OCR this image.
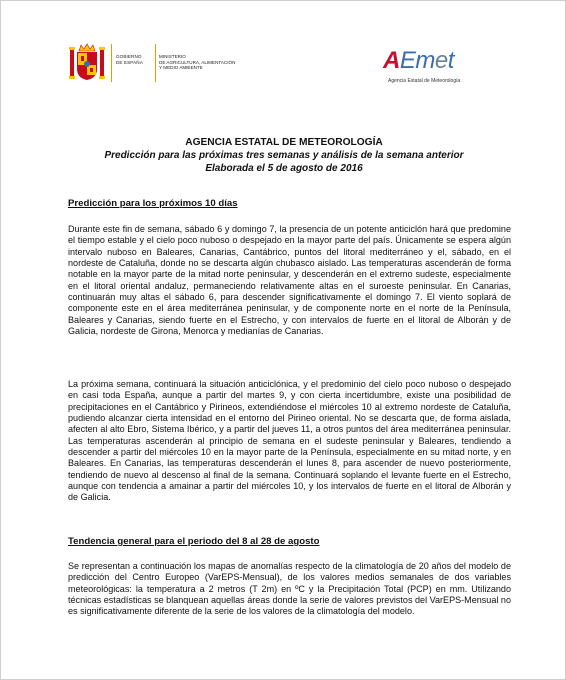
GOBIERNO
DE ESPAÑA
MINISTERIO
DE AGRICULTURA, ALIMENTACIÓN
Y MEDIO AMBIENTE	AEmet
Agencia Estatal de Meteorología
AGENCIA ESTATAL DE METEOROLOGÍA
Predicción para las próximas tres semanas y análisis de la semana anterior
Elaborada el 5 de agosto de 2016
Predicción para los próximos 10 días

Durante este fin de semana, sábado 6 y domingo 7, la presencia de un potente anticiclón hará que predomine el tiempo estable y el cielo poco nuboso o despejado en la mayor parte del país. Únicamente se espera algún intervalo nuboso en Baleares, Canarias, Cantábrico, puntos del litoral mediterráneo y el, sábado, en el nordeste de Cataluña, donde no se descarta algún chubasco aislado. Las temperaturas ascenderán de forma notable en la mayor parte de la mitad norte peninsular, y descenderán en el extremo sudeste, especialmente en el litoral oriental andaluz, permaneciendo relativamente altas en el suroeste peninsular. En Canarias, continuarán muy altas el sábado 6, para descender significativamente el domingo 7. El viento soplará de componente este en el área mediterránea peninsular, y de componente norte en el norte de la Península, Baleares y Canarias, siendo fuerte en el Estrecho, y con intervalos de fuerte en el litoral de Alborán y de Galicia, nordeste de Girona, Menorca y medianías de Canarias.

La próxima semana, continuará la situación anticiclónica, y el predominio del cielo poco nuboso o despejado en casi toda España, aunque a partir del martes 9, y con cierta incertidumbre, existe una posibilidad de precipitaciones en el Cantábrico y Pirineos, extendiéndose el miércoles 10 al extremo nordeste de Cataluña, pudiendo alcanzar cierta intensidad en el entorno del Pirineo oriental. No se descarta que, de forma aislada, afecten al alto Ebro, Sistema Ibérico, y a partir del jueves 11, a otros puntos del área mediterránea peninsular. Las temperaturas ascenderán al principio de semana en el sudeste peninsular y Baleares, tendiendo a descender a partir del miércoles 10 en la mayor parte de la Península, especialmente en su mitad norte, y en Baleares. En Canarias, las temperaturas descenderán el lunes 8, para ascender de nuevo posteriormente, tendiendo de nuevo al descenso al final de la semana. Continuará soplando el levante fuerte en el Estrecho, aunque con tendencia a amainar a partir del miércoles 10, y los intervalos de fuerte en el litoral de Alborán y de Galicia.

Tendencia general para el periodo del 8 al 28 de agosto

Se representan a continuación los mapas de anomalías respecto de la climatología de 20 años del modelo de predicción del Centro Europeo (VarEPS-Mensual), de los valores medios semanales de dos variables meteorológicas: la temperatura a 2 metros (T 2m) en ºC y la Precipitación Total (PCP) en mm. Utilizando técnicas estadísticas se blanquean aquellas áreas donde la serie de valores previstos del VarEPS-Mensual no es significativamente diferente de la serie de los valores de la climatología del modelo.
